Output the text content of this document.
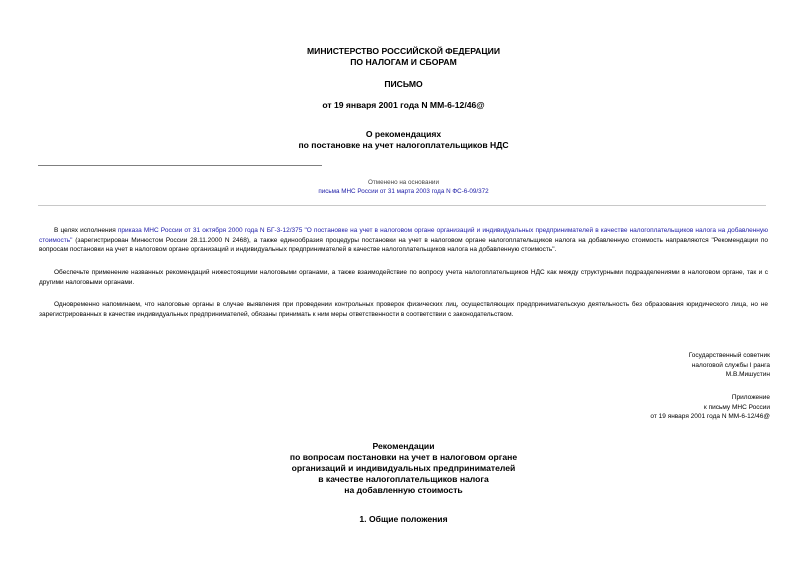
МИНИСТЕРСТВО РОССИЙСКОЙ ФЕДЕРАЦИИ
ПО НАЛОГАМ И СБОРАМ
ПИСЬМО
от 19 января 2001 года N ММ-6-12/46@
О рекомендациях
по постановке на учет налогоплательщиков НДС
Отменено на основании
письма МНС России от 31 марта 2003 года N ФС-6-09/372
В целях исполнения приказа МНС России от 31 октября 2000 года N БГ-3-12/375 "О постановке на учет в налоговом органе организаций и индивидуальных предпринимателей в качестве налогоплательщиков налога на добавленную стоимость" (зарегистрирован Минюстом России 28.11.2000 N 2468), а также единообразия процедуры постановки на учет в налоговом органе налогоплательщиков налога на добавленную стоимость направляются "Рекомендации по вопросам постановки на учет в налоговом органе организаций и индивидуальных предпринимателей в качестве налогоплательщиков налога на добавленную стоимость".
Обеспечьте применение названных рекомендаций нижестоящими налоговыми органами, а также взаимодействие по вопросу учета налогоплательщиков НДС как между структурными подразделениями в налоговом органе, так и с другими налоговыми органами.
Одновременно напоминаем, что налоговые органы в случае выявления при проведении контрольных проверок физических лиц, осуществляющих предпринимательскую деятельность без образования юридического лица, но не зарегистрированных в качестве индивидуальных предпринимателей, обязаны принимать к ним меры ответственности в соответствии с законодательством.
Государственный советник
налоговой службы I ранга
М.В.Мишустин
Приложение
к письму МНС России
от 19 января 2001 года N ММ-6-12/46@
Рекомендации
по вопросам постановки на учет в налоговом органе
организаций и индивидуальных предпринимателей
в качестве налогоплательщиков налога
на добавленную стоимость
1. Общие положения
